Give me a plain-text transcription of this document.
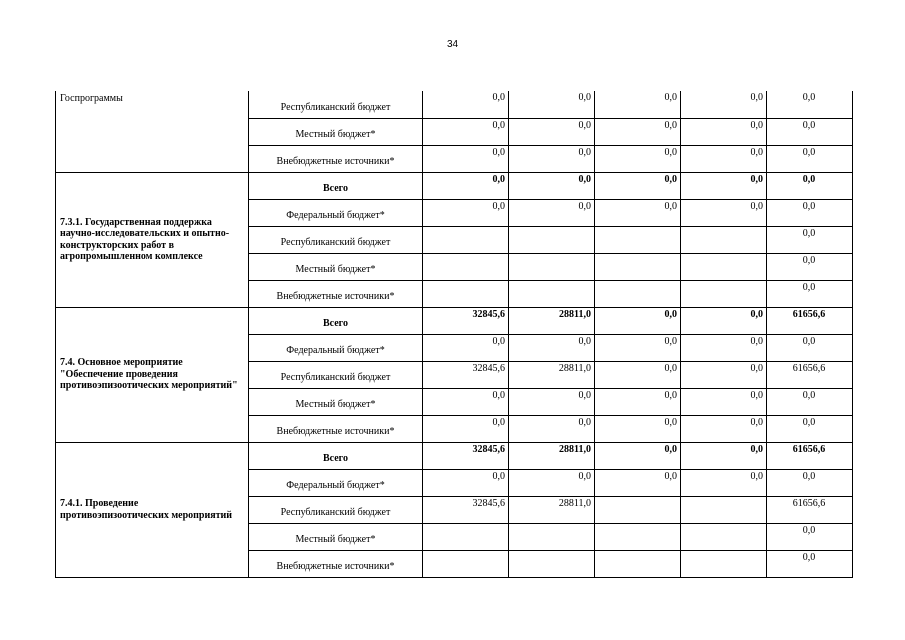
34
Госпрограммы	Республиканский бюджет	0,0	0,0	0,0	0,0	0,0
	Местный бюджет*	0,0	0,0	0,0	0,0	0,0
	Внебюджетные источники*	0,0	0,0	0,0	0,0	0,0
7.3.1. Государственная поддержка научно-исследовательских и опытно-конструкторских работ в агропромышленном комплексе	Всего	0,0	0,0	0,0	0,0	0,0
	Федеральный бюджет*	0,0	0,0	0,0	0,0	0,0
	Республиканский бюджет					0,0
	Местный бюджет*					0,0
	Внебюджетные источники*					0,0
7.4. Основное мероприятие "Обеспечение проведения противоэпизоотических мероприятий"	Всего	32845,6	28811,0	0,0	0,0	61656,6
	Федеральный бюджет*	0,0	0,0	0,0	0,0	0,0
	Республиканский бюджет	32845,6	28811,0	0,0	0,0	61656,6
	Местный бюджет*	0,0	0,0	0,0	0,0	0,0
	Внебюджетные источники*	0,0	0,0	0,0	0,0	0,0
7.4.1. Проведение противоэпизоотических мероприятий	Всего	32845,6	28811,0	0,0	0,0	61656,6
	Федеральный бюджет*	0,0	0,0	0,0	0,0	0,0
	Республиканский бюджет	32845,6	28811,0			61656,6
	Местный бюджет*					0,0
	Внебюджетные источники*					0,0
